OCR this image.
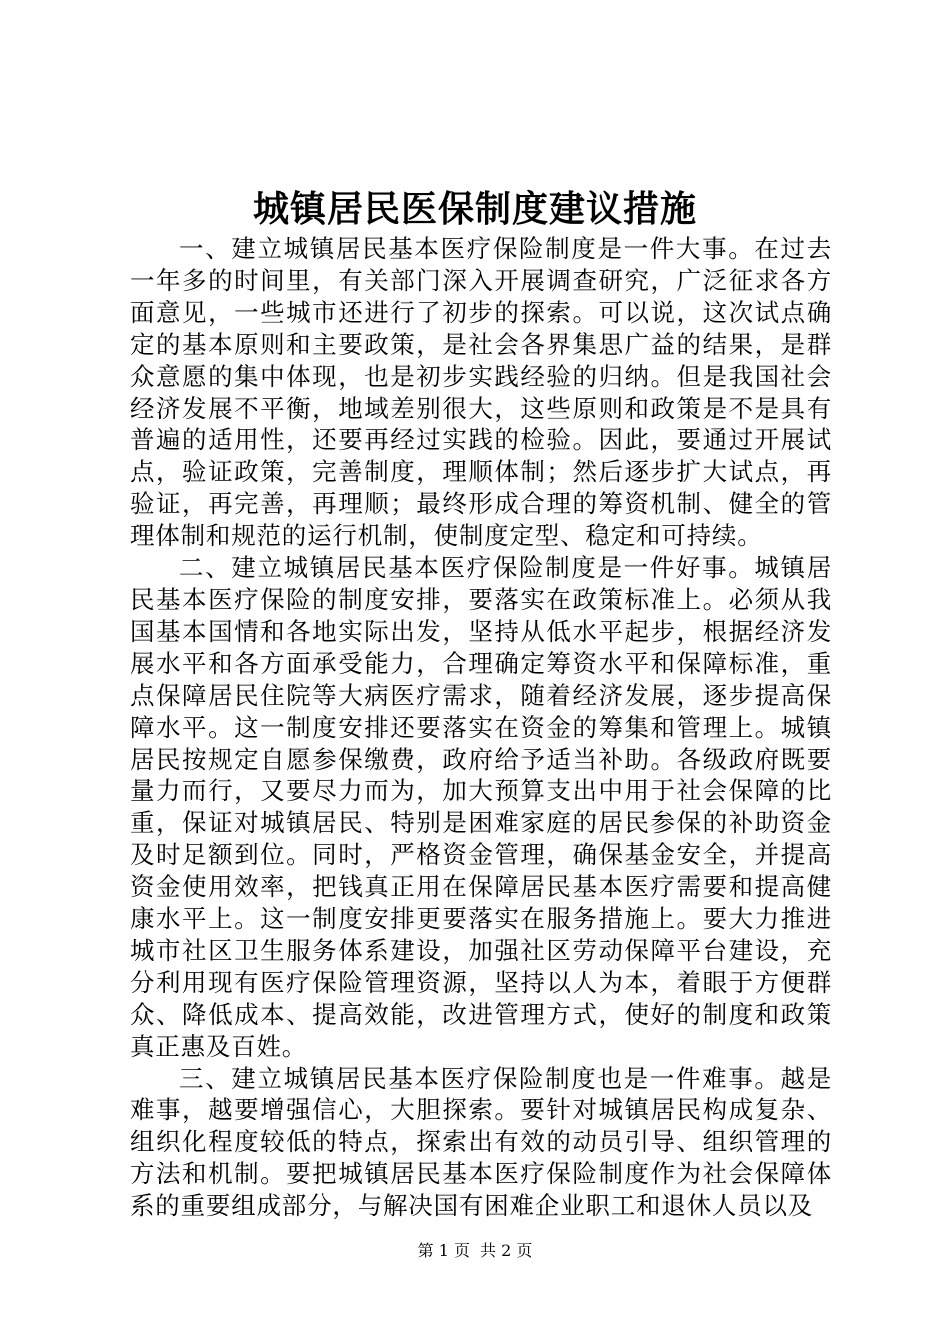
城镇居民医保制度建议措施

一、建立城镇居民基本医疗保险制度是一件大事。在过去一年多的时间里，有关部门深入开展调查研究，广泛征求各方面意见，一些城市还进行了初步的探索。可以说，这次试点确定的基本原则和主要政策，是社会各界集思广益的结果，是群众意愿的集中体现，也是初步实践经验的归纳。但是我国社会经济发展不平衡，地域差别很大，这些原则和政策是不是具有普遍的适用性，还要再经过实践的检验。因此，要通过开展试点，验证政策，完善制度，理顺体制；然后逐步扩大试点，再验证，再完善，再理顺；最终形成合理的筹资机制、健全的管理体制和规范的运行机制，使制度定型、稳定和可持续。

二、建立城镇居民基本医疗保险制度是一件好事。城镇居民基本医疗保险的制度安排，要落实在政策标准上。必须从我国基本国情和各地实际出发，坚持从低水平起步，根据经济发展水平和各方面承受能力，合理确定筹资水平和保障标准，重点保障居民住院等大病医疗需求，随着经济发展，逐步提高保障水平。这一制度安排还要落实在资金的筹集和管理上。城镇居民按规定自愿参保缴费，政府给予适当补助。各级政府既要量力而行，又要尽力而为，加大预算支出中用于社会保障的比重，保证对城镇居民、特别是困难家庭的居民参保的补助资金及时足额到位。同时，严格资金管理，确保基金安全，并提高资金使用效率，把钱真正用在保障居民基本医疗需要和提高健康水平上。这一制度安排更要落实在服务措施上。要大力推进城市社区卫生服务体系建设，加强社区劳动保障平台建设，充分利用现有医疗保险管理资源，坚持以人为本，着眼于方便群众、降低成本、提高效能，改进管理方式，使好的制度和政策真正惠及百姓。

三、建立城镇居民基本医疗保险制度也是一件难事。越是难事，越要增强信心，大胆探索。要针对城镇居民构成复杂、组织化程度较低的特点，探索出有效的动员引导、组织管理的方法和机制。要把城镇居民基本医疗保险制度作为社会保障体系的重要组成部分，与解决国有困难企业职工和退休人员以及

第 1 页 共 2 页
